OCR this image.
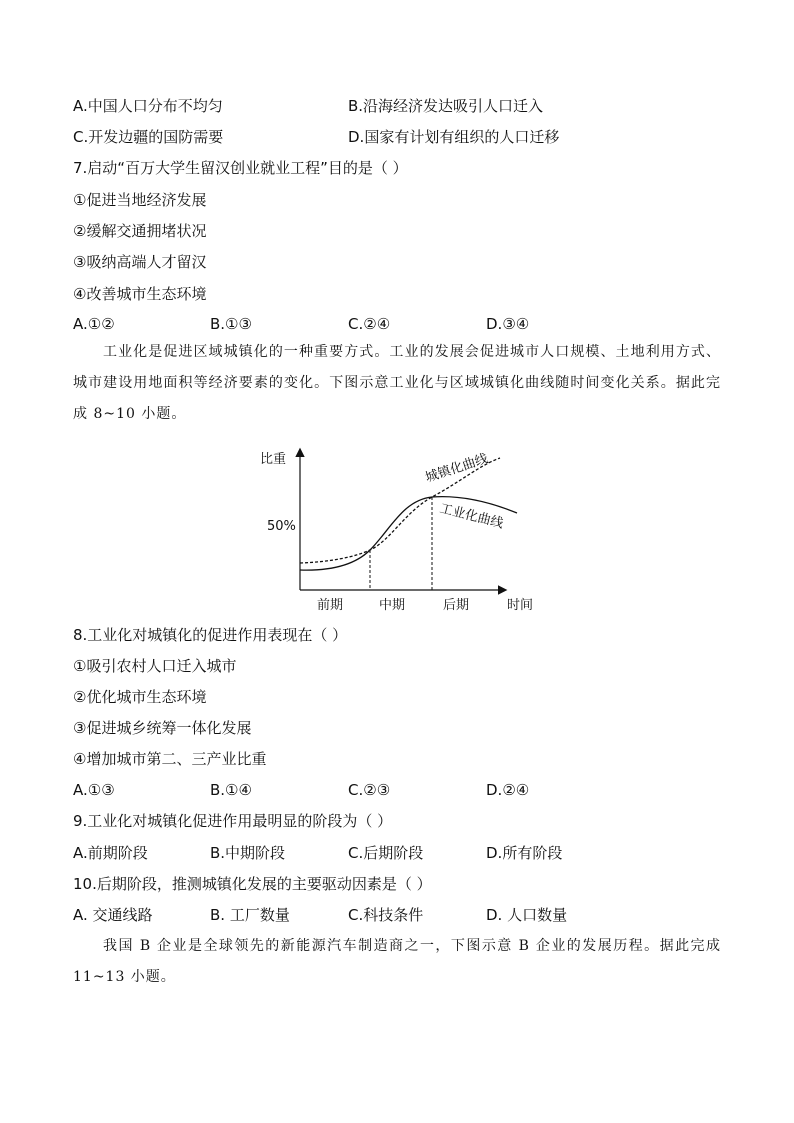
A.中国人口分布不均匀	B.沿海经济发达吸引人口迁入
C.开发边疆的国防需要	D.国家有计划有组织的人口迁移
7.启动“百万大学生留汉创业就业工程”目的是（ ）
①促进当地经济发展
②缓解交通拥堵状况
③吸纳高端人才留汉
④改善城市生态环境
A.①②	B.①③	C.②④	D.③④
工业化是促进区域城镇化的一种重要方式。工业的发展会促进城市人口规模、土地利用方式、城市建设用地面积等经济要素的变化。下图示意工业化与区域城镇化曲线随时间变化关系。据此完成 8~10 小题。
比重
时间
50%
前期	中期	后期
城镇化曲线
工业化曲线
8.工业化对城镇化的促进作用表现在（ ）
①吸引农村人口迁入城市
②优化城市生态环境
③促进城乡统筹一体化发展
④增加城市第二、三产业比重
A.①③	B.①④	C.②③	D.②④
9.工业化对城镇化促进作用最明显的阶段为（ ）
A.前期阶段	B.中期阶段	C.后期阶段	D.所有阶段
10.后期阶段，推测城镇化发展的主要驱动因素是（ ）
A. 交通线路	B. 工厂数量	C.科技条件	D. 人口数量
我国 B 企业是全球领先的新能源汽车制造商之一，下图示意 B 企业的发展历程。据此完成 11~13 小题。
